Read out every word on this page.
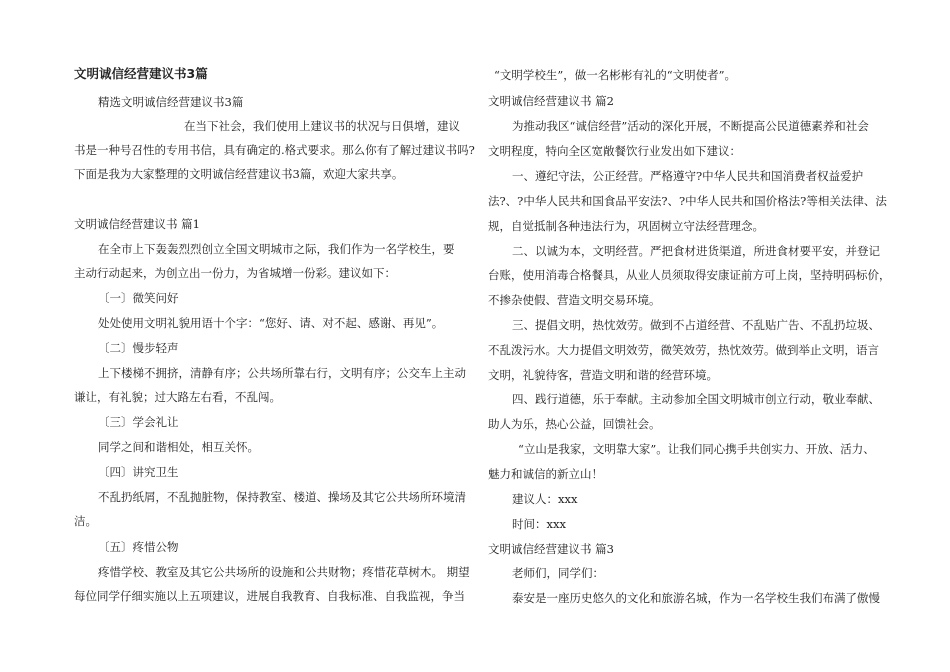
文明诚信经营建议书3篇
精选文明诚信经营建议书3篇
在当下社会，我们使用上建议书的状况与日俱增，建议
书是一种号召性的专用书信，具有确定的.格式要求。那么你有了解过建议书吗?
下面是我为大家整理的文明诚信经营建议书3篇，欢迎大家共享。
文明诚信经营建议书 篇1
在全市上下轰轰烈烈创立全国文明城市之际，我们作为一名学校生，要
主动行动起来，为创立出一份力，为省城增一份彩。建议如下：
〔一〕微笑问好
处处使用文明礼貌用语十个字：“您好、请、对不起、感谢、再见”。
〔二〕慢步轻声
上下楼梯不拥挤，清静有序；公共场所靠右行，文明有序；公交车上主动
谦让，有礼貌；过大路左右看，不乱闯。
〔三〕学会礼让
同学之间和谐相处，相互关怀。
〔四〕讲究卫生
不乱扔纸屑，不乱抛脏物，保持教室、楼道、操场及其它公共场所环境清
洁。
〔五〕疼惜公物
疼惜学校、教室及其它公共场所的设施和公共财物；疼惜花草树木。 期望
每位同学仔细实施以上五项建议，进展自我教育、自我标准、自我监视，争当
“文明学校生”，做一名彬彬有礼的“文明使者”。
文明诚信经营建议书 篇2
为推动我区“诚信经营”活动的深化开展，不断提高公民道德素养和社会
文明程度，特向全区宽敞餐饮行业发出如下建议：
一、遵纪守法，公正经营。严格遵守?中华人民共和国消费者权益爱护
法?、?中华人民共和国食品平安法?、?中华人民共和国价格法?等相关法律、法
规，自觉抵制各种违法行为，巩固树立守法经营理念。
二、以诚为本，文明经营。严把食材进货渠道，所进食材要平安，并登记
台账，使用消毒合格餐具，从业人员须取得安康证前方可上岗，坚持明码标价，
不掺杂使假、营造文明交易环境。
三、提倡文明，热忱效劳。做到不占道经营、不乱贴广告、不乱扔垃圾、
不乱泼污水。大力提倡文明效劳，微笑效劳，热忱效劳。做到举止文明，语言
文明，礼貌待客，营造文明和谐的经营环境。
四、践行道德，乐于奉献。主动参加全国文明城市创立行动，敬业奉献、
助人为乐，热心公益，回馈社会。
“立山是我家，文明靠大家”。让我们同心携手共创实力、开放、活力、
魅力和诚信的新立山！
建议人：xxx
时间：xxx
文明诚信经营建议书 篇3
老师们，同学们：
泰安是一座历史悠久的文化和旅游名城，作为一名学校生我们布满了傲慢
